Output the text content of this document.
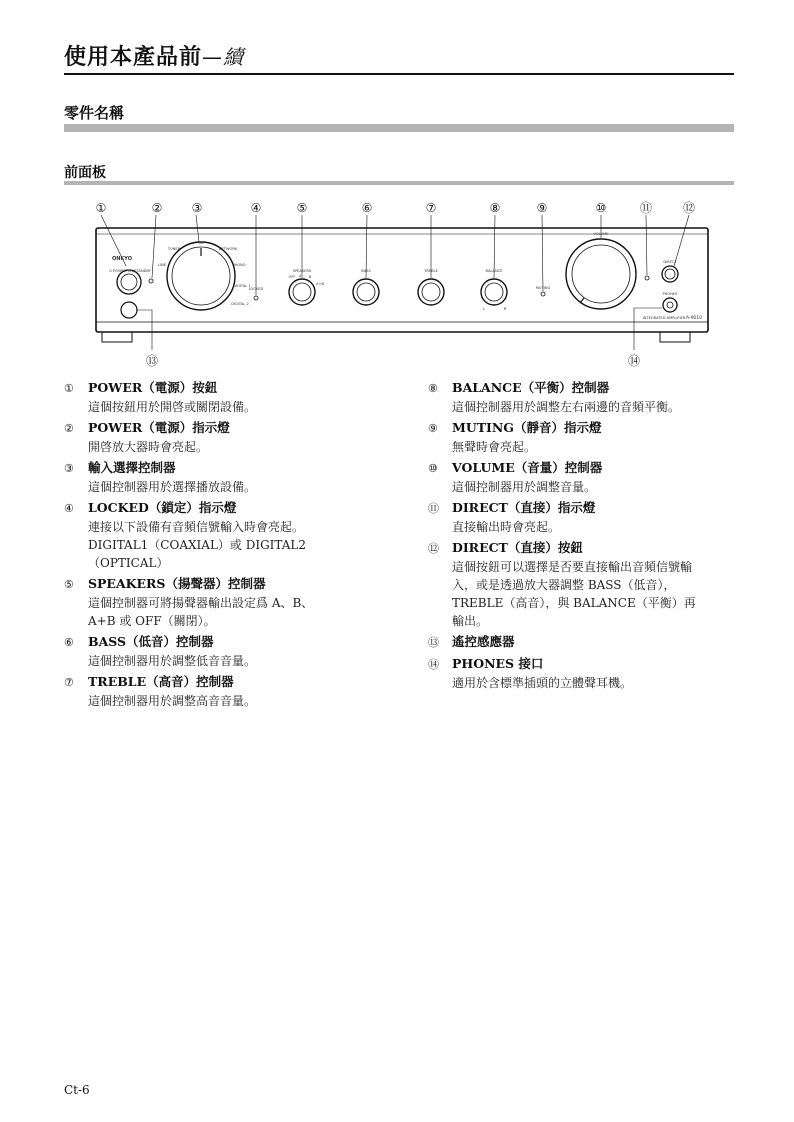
使用本產品前—續
零件名稱
前面板
①	② ③	④	⑤	⑥	⑦	⑧	⑨	⑩	⑪	⑫
⑬	⑭
ONKYO
⏻ POWER ON/STANDBY
LINE
TUNER
CD
NETWORK
PHONO
DIGITAL 1
DIGITAL 2
LOCKED
SPEAKERS
OFF A B
A+B
BASS	TREBLE	BALANCE
L	R
MUTING
VOLUME
DIRECT
PHONES
INTEGRATED AMPLIFIER A-9010
①	POWER（電源）按鈕
這個按鈕用於開啓或關閉設備。
②	POWER（電源）指示燈
開啓放大器時會亮起。
③	輸入選擇控制器
這個控制器用於選擇播放設備。
④	LOCKED（鎖定）指示燈
連接以下設備有音頻信號輸入時會亮起。
DIGITAL1（COAXIAL）或 DIGITAL2
（OPTICAL）
⑤	SPEAKERS（揚聲器）控制器
這個控制器可將揚聲器輸出設定爲 A、B、
A+B 或 OFF（關閉）。
⑥	BASS（低音）控制器
這個控制器用於調整低音音量。
⑦	TREBLE（高音）控制器
這個控制器用於調整高音音量。
⑧	BALANCE（平衡）控制器
這個控制器用於調整左右兩邊的音頻平衡。
⑨	MUTING（靜音）指示燈
無聲時會亮起。
⑩	VOLUME（音量）控制器
這個控制器用於調整音量。
⑪	DIRECT（直接）指示燈
直接輸出時會亮起。
⑫	DIRECT（直接）按鈕
這個按鈕可以選擇是否要直接輸出音頻信號輸
入，或是透過放大器調整 BASS（低音），
TREBLE（高音），與 BALANCE（平衡）再
輸出。
⑬	遙控感應器
⑭	PHONES 接口
適用於含標準插頭的立體聲耳機。
Ct-6
